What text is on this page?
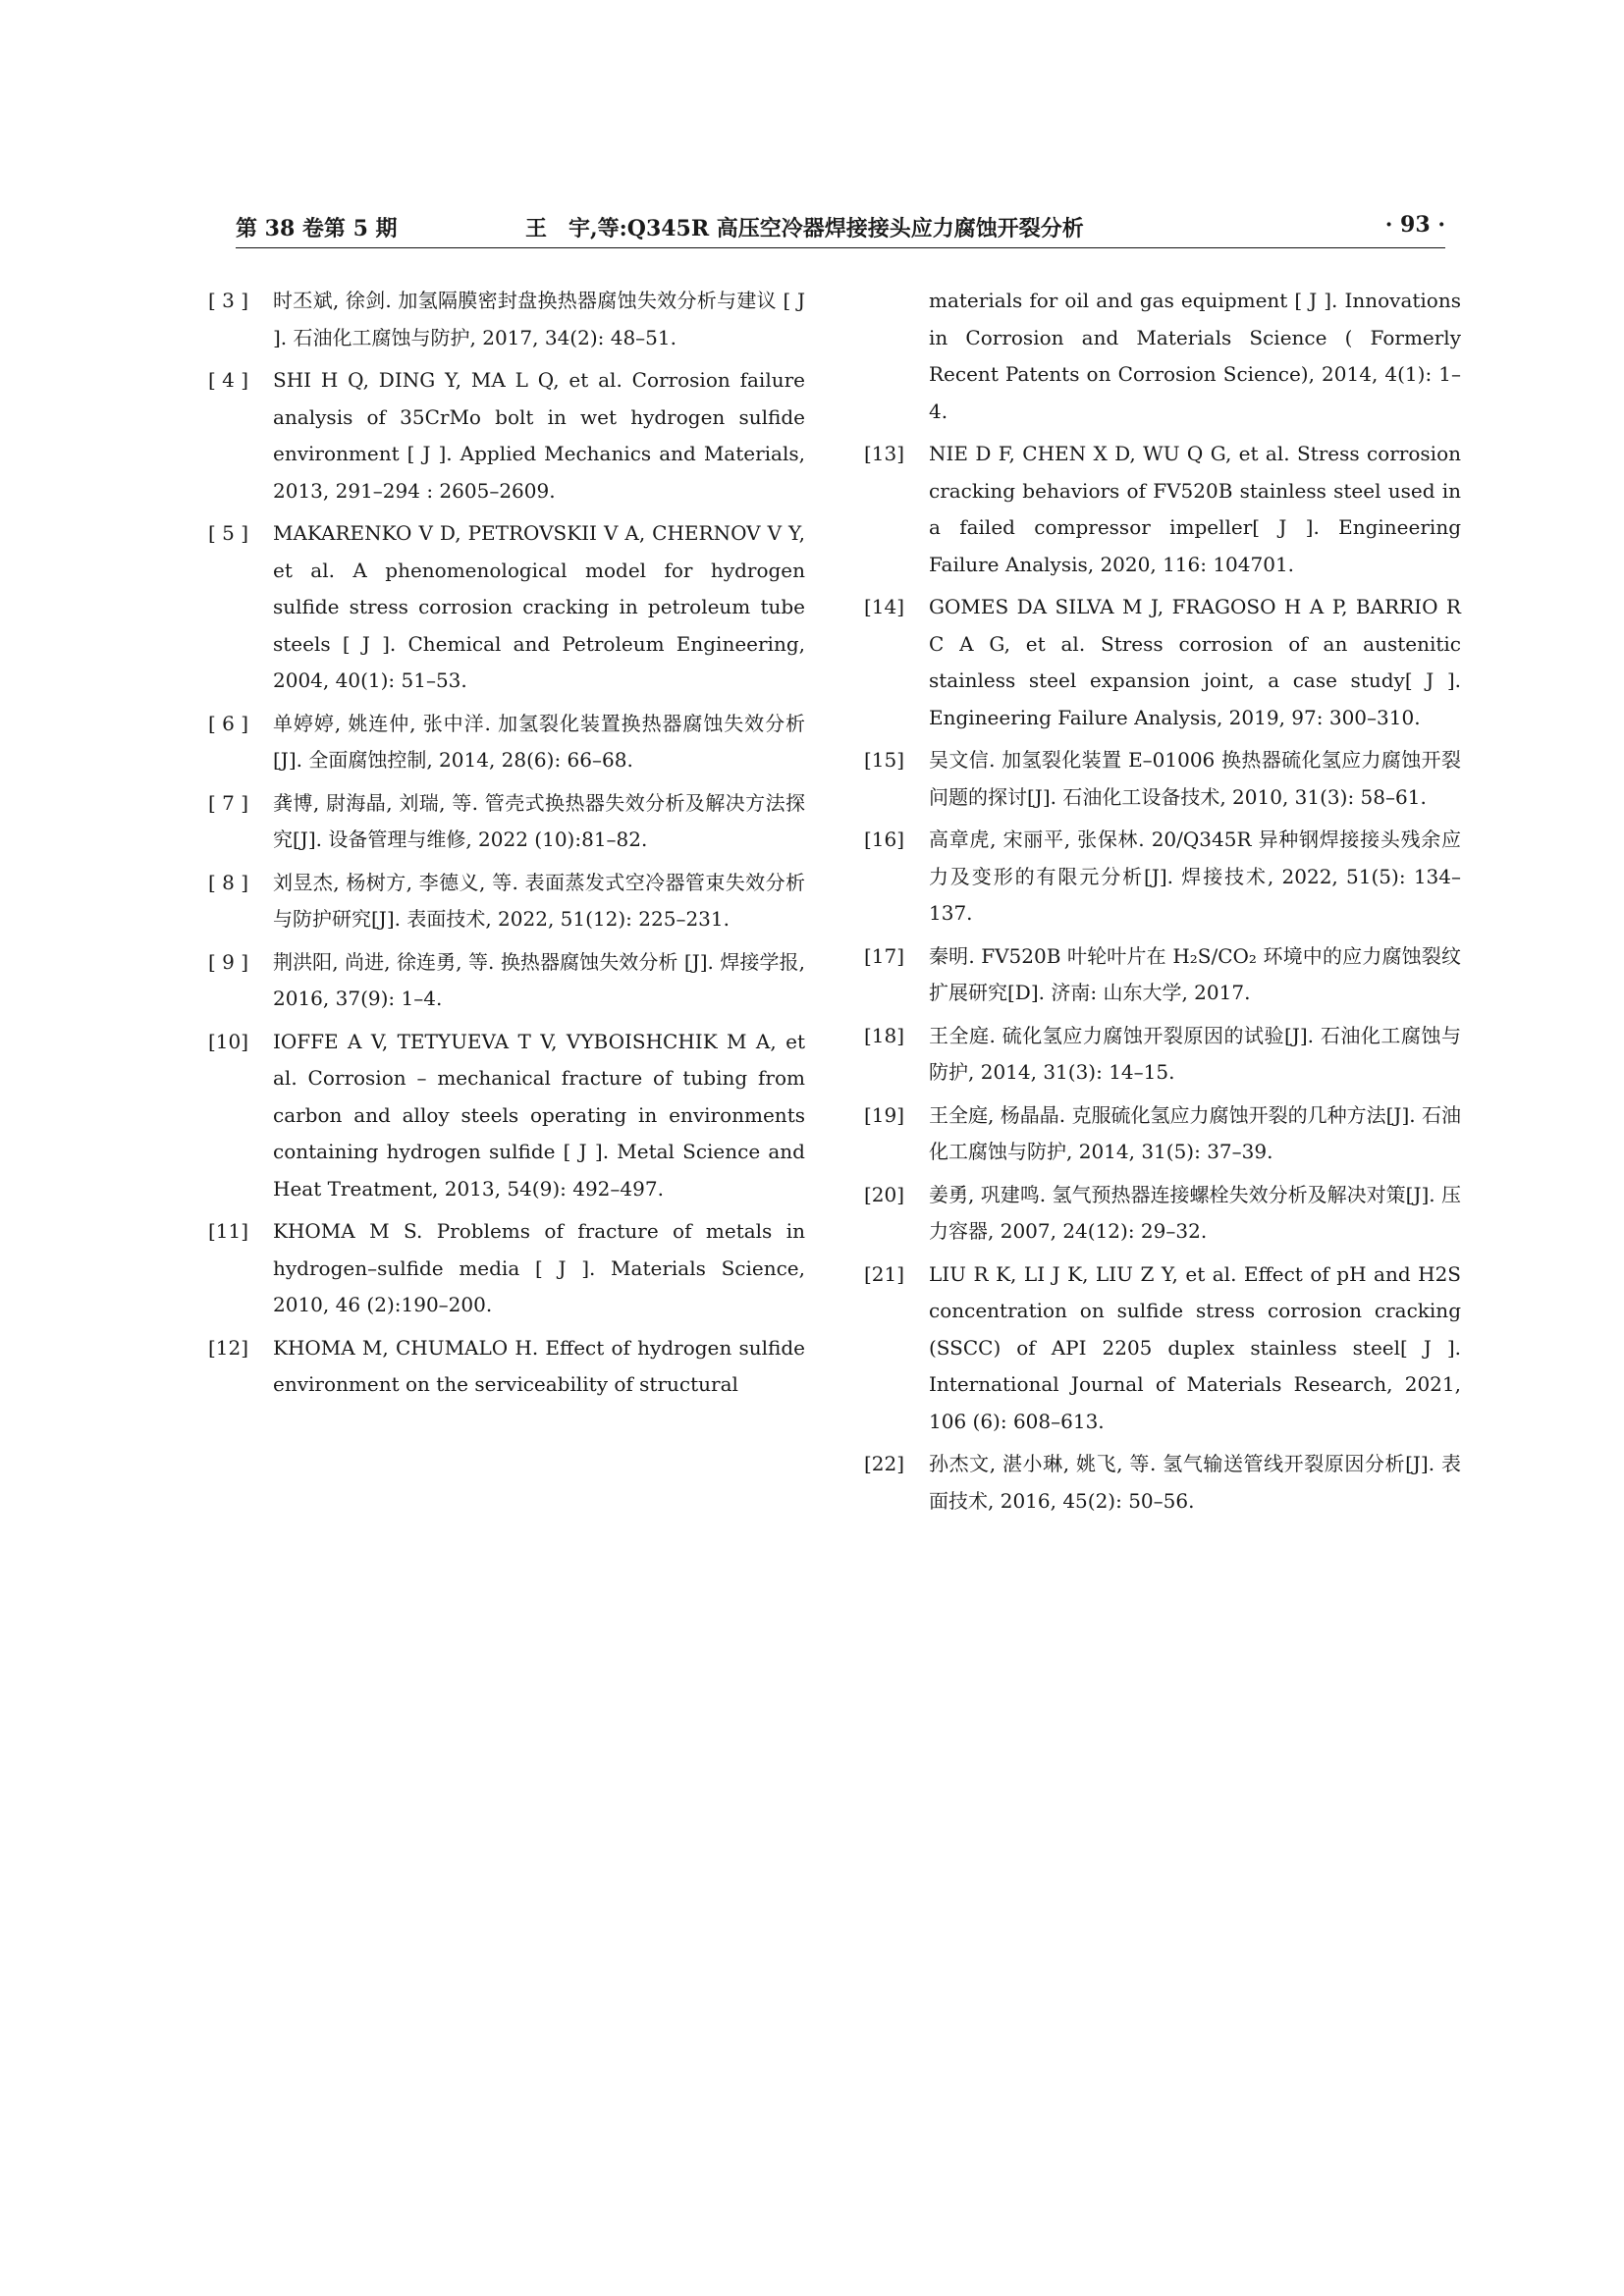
第 38 卷第 5 期	王　宇,等:Q345R 高压空冷器焊接接头应力腐蚀开裂分析	· 93 ·
[ 3 ]	时丕斌, 徐剑. 加氢隔膜密封盘换热器腐蚀失效分析与建议 [ J ]. 石油化工腐蚀与防护, 2017, 34(2): 48–51.
[ 4 ]	SHI H Q, DING Y, MA L Q, et al. Corrosion failure analysis of 35CrMo bolt in wet hydrogen sulfide environment [ J ]. Applied Mechanics and Materials, 2013, 291–294 : 2605–2609.
[ 5 ]	MAKARENKO V D, PETROVSKII V A, CHERNOV V Y, et al. A phenomenological model for hydrogen sulfide stress corrosion cracking in petroleum tube steels [ J ]. Chemical and Petroleum Engineering, 2004, 40(1): 51–53.
[ 6 ]	单婷婷, 姚连仲, 张中洋. 加氢裂化装置换热器腐蚀失效分析[J]. 全面腐蚀控制, 2014, 28(6): 66–68.
[ 7 ]	龚博, 尉海晶, 刘瑞, 等. 管壳式换热器失效分析及解决方法探究[J]. 设备管理与维修, 2022 (10):81–82.
[ 8 ]	刘昱杰, 杨树方, 李德义, 等. 表面蒸发式空冷器管束失效分析与防护研究[J]. 表面技术, 2022, 51(12): 225–231.
[ 9 ]	荆洪阳, 尚进, 徐连勇, 等. 换热器腐蚀失效分析 [J]. 焊接学报, 2016, 37(9): 1–4.
[10]	IOFFE A V, TETYUEVA T V, VYBOISHCHIK M A, et al. Corrosion – mechanical fracture of tubing from carbon and alloy steels operating in environments containing hydrogen sulfide [ J ]. Metal Science and Heat Treatment, 2013, 54(9): 492–497.
[11]	KHOMA M S. Problems of fracture of metals in hydrogen–sulfide media [ J ]. Materials Science, 2010, 46 (2):190–200.
[12]	KHOMA M, CHUMALO H. Effect of hydrogen sulfide environment on the serviceability of structural
materials for oil and gas equipment [ J ]. Innovations in Corrosion and Materials Science ( Formerly Recent Patents on Corrosion Science), 2014, 4(1): 1–4.
[13]	NIE D F, CHEN X D, WU Q G, et al. Stress corrosion cracking behaviors of FV520B stainless steel used in a failed compressor impeller[ J ]. Engineering Failure Analysis, 2020, 116: 104701.
[14]	GOMES DA SILVA M J, FRAGOSO H A P, BARRIO R C A G, et al. Stress corrosion of an austenitic stainless steel expansion joint, a case study[ J ]. Engineering Failure Analysis, 2019, 97: 300–310.
[15]	吴文信. 加氢裂化装置 E–01006 换热器硫化氢应力腐蚀开裂问题的探讨[J]. 石油化工设备技术, 2010, 31(3): 58–61.
[16]	高章虎, 宋丽平, 张保林. 20/Q345R 异种钢焊接接头残余应力及变形的有限元分析[J]. 焊接技术, 2022, 51(5): 134–137.
[17]	秦明. FV520B 叶轮叶片在 H₂S/CO₂ 环境中的应力腐蚀裂纹扩展研究[D]. 济南: 山东大学, 2017.
[18]	王全庭. 硫化氢应力腐蚀开裂原因的试验[J]. 石油化工腐蚀与防护, 2014, 31(3): 14–15.
[19]	王全庭, 杨晶晶. 克服硫化氢应力腐蚀开裂的几种方法[J]. 石油化工腐蚀与防护, 2014, 31(5): 37–39.
[20]	姜勇, 巩建鸣. 氢气预热器连接螺栓失效分析及解决对策[J]. 压力容器, 2007, 24(12): 29–32.
[21]	LIU R K, LI J K, LIU Z Y, et al. Effect of pH and H2S concentration on sulfide stress corrosion cracking (SSCC) of API 2205 duplex stainless steel[ J ]. International Journal of Materials Research, 2021, 106 (6): 608–613.
[22]	孙杰文, 湛小琳, 姚飞, 等. 氢气输送管线开裂原因分析[J]. 表面技术, 2016, 45(2): 50–56.
